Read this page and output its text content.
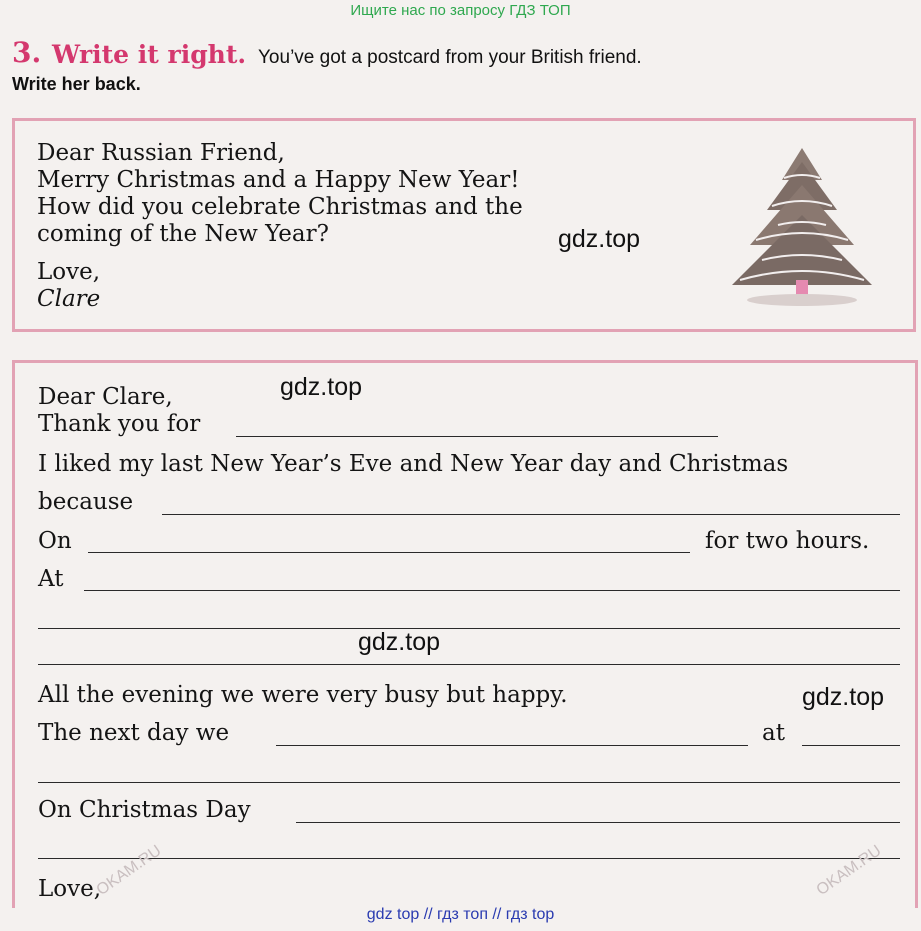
Ищите нас по запросу ГДЗ ТОП
gdz top // гдз топ // гдз top
3. Write it right. You’ve got a postcard from your British friend.
Write her back.
Dear Russian Friend,
Merry Christmas and a Happy New Year!
How did you celebrate Christmas and the
coming of the New Year?
Love,
Clare
gdz.top
Dear Clare,	gdz.top
Thank you for
I liked my last New Year’s Eve and New Year day and Christmas
because
On	for two hours.
At
gdz.top
All the evening we were very busy but happy.	gdz.top
The next day we	at
On Christmas Day
Love,
OKAM.RU	OKAM.RU
